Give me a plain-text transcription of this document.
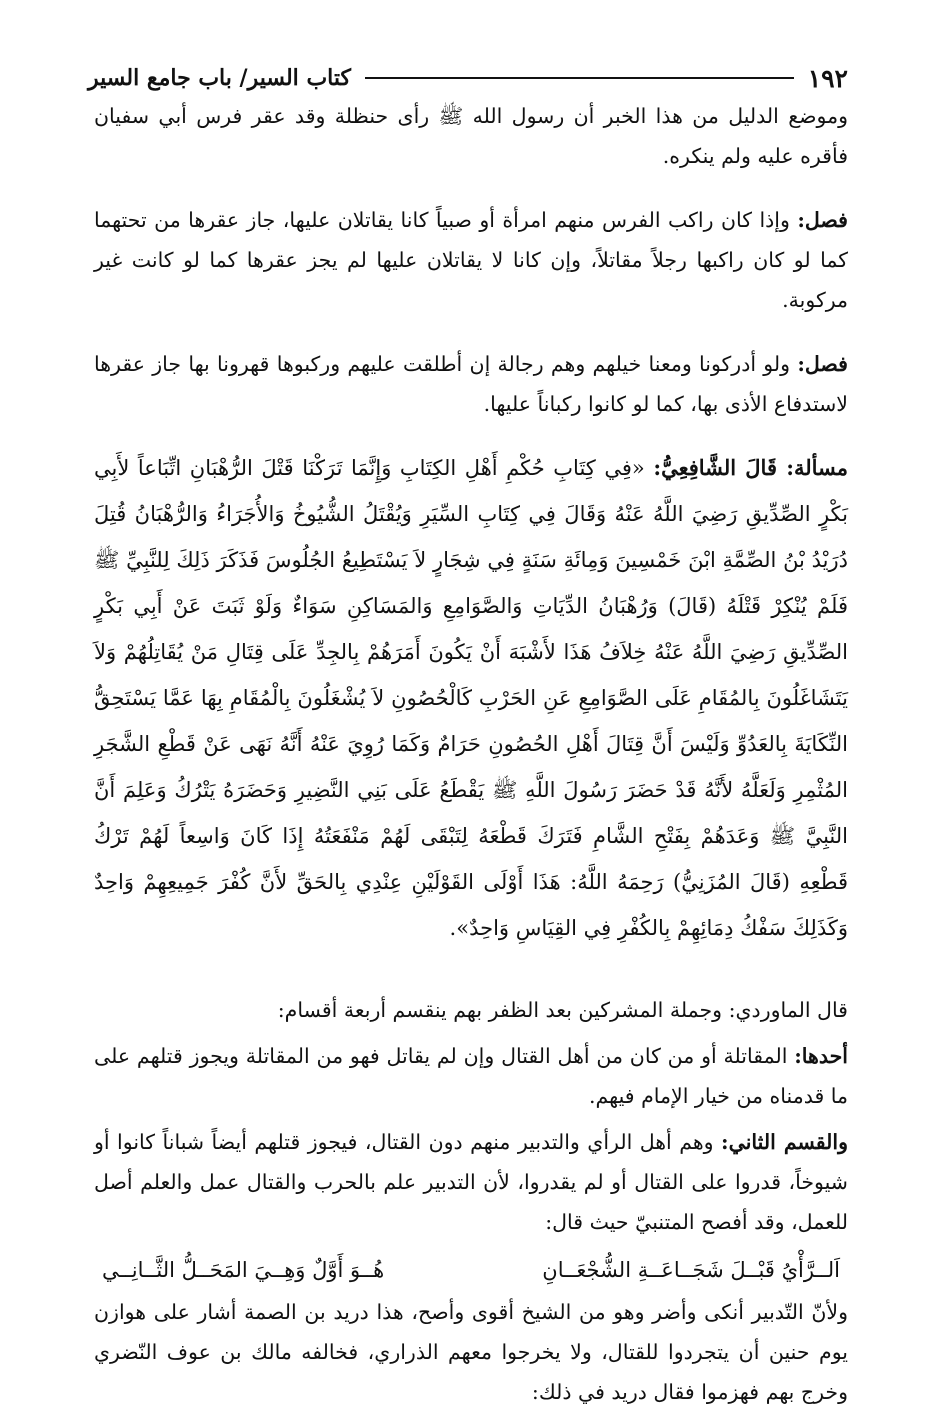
١٩٢
كتاب السير/ باب جامع السير

وموضع الدليل من هذا الخبر أن رسول الله ﷺ رأى حنظلة وقد عقر فرس أبي سفيان فأقره عليه ولم ينكره.

فصل: وإذا كان راكب الفرس منهم امرأة أو صبياً كانا يقاتلان عليها، جاز عقرها من تحتهما كما لو كان راكبها رجلاً مقاتلاً، وإن كانا لا يقاتلان عليها لم يجز عقرها كما لو كانت غير مركوبة.

فصل: ولو أدركونا ومعنا خيلهم وهم رجالة إن أطلقت عليهم وركبوها قهرونا بها جاز عقرها لاستدفاع الأذى بها، كما لو كانوا ركباناً عليها.

مسألة: قَالَ الشَّافِعِيُّ: «فِي كِتَابِ حُكْمِ أَهْلِ الكِتَابِ وَإِنَّمَا تَرَكْنَا قَتْلَ الرُّهْبَانِ اتِّبَاعاً لأَبِي بَكْرٍ الصِّدِّيقِ رَضِيَ اللَّهُ عَنْهُ وَقَالَ فِي كِتَابِ السِّيَرِ وَيُقْتَلُ الشُّيُوخُ وَالأُجَرَاءُ وَالرُّهْبَانُ قُتِلَ دُرَيْدُ بْنُ الصِّمَّةِ ابْنَ خَمْسِينَ وَمِائَةِ سَنَةٍ فِي شِجَارٍ لاَ يَسْتَطِيعُ الجُلُوسَ فَذَكَرَ ذَلِكَ لِلنَّبِيِّ ﷺ فَلَمْ يُنْكِرْ قَتْلَهُ (قَالَ) وَرُهْبَانُ الدِّيَاتِ وَالصَّوَامِعِ وَالمَسَاكِنِ سَوَاءٌ وَلَوْ ثَبَتَ عَنْ أَبِي بَكْرٍ الصِّدِّيقِ رَضِيَ اللَّهُ عَنْهُ خِلاَفُ هَذَا لأَشْبَهَ أَنْ يَكُونَ أَمَرَهُمْ بِالجِدِّ عَلَى قِتَالِ مَنْ يُقَاتِلُهُمْ وَلاَ يَتَشَاغَلُونَ بِالمُقَامِ عَلَى الصَّوَامِعِ عَنِ الحَرْبِ كَالْحُصُونِ لاَ يُشْغَلُونَ بِالْمُقَامِ بِهَا عَمَّا يَسْتَحِقُّ النِّكَايَةَ بِالعَدُوِّ وَلَيْسَ أَنَّ قِتَالَ أَهْلِ الحُصُونِ حَرَامٌ وَكَمَا رُوِيَ عَنْهُ أَنَّهُ نَهَى عَنْ قَطْعِ الشَّجَرِ المُثْمِرِ وَلَعَلَّهُ لأَنَّهُ قَدْ حَضَرَ رَسُولَ اللَّهِ ﷺ يَقْطَعُ عَلَى بَنِي النَّضِيرِ وَحَضَرَهُ يَتْرُكُ وَعَلِمَ أَنَّ النَّبِيَّ ﷺ وَعَدَهُمْ بِفَتْحِ الشَّامِ فَتَرَكَ قَطْعَهُ لِتَبْقَى لَهُمْ مَنْفَعَتُهُ إِذَا كَانَ وَاسِعاً لَهُمْ تَرْكُ قَطْعِهِ (قَالَ المُزَنِيُّ) رَحِمَهُ اللَّهُ: هَذَا أَوْلَى القَوْلَيْنِ عِنْدِي بِالحَقِّ لأَنَّ كُفْرَ جَمِيعِهِمْ وَاحِدٌ وَكَذَلِكَ سَفْكُ دِمَائِهِمْ بِالكُفْرِ فِي القِيَاسِ وَاحِدٌ».

قال الماوردي: وجملة المشركين بعد الظفر بهم ينقسم أربعة أقسام:

أحدها: المقاتلة أو من كان من أهل القتال وإن لم يقاتل فهو من المقاتلة ويجوز قتلهم على ما قدمناه من خيار الإمام فيهم.

والقسم الثاني: وهم أهل الرأي والتدبير منهم دون القتال، فيجوز قتلهم أيضاً شباناً كانوا أو شيوخاً، قدروا على القتال أو لم يقدروا، لأن التدبير علم بالحرب والقتال عمل والعلم أصل للعمل، وقد أفصح المتنبيّ حيث قال:

اَلــرَّأْيُ قَبْــلَ شَجَــاعَــةِ الشُّجْعَــانِ
هُــوَ أَوَّلٌ وَهِــيَ المَحَــلُّ الثَّــانِــي

ولأنّ التّدبير أنكى وأضر وهو من الشيخ أقوى وأصح، هذا دريد بن الصمة أشار على هوازن يوم حنين أن يتجردوا للقتال، ولا يخرجوا معهم الذراري، فخالفه مالك بن عوف النّضري وخرج بهم فهزموا فقال دريد في ذلك:
